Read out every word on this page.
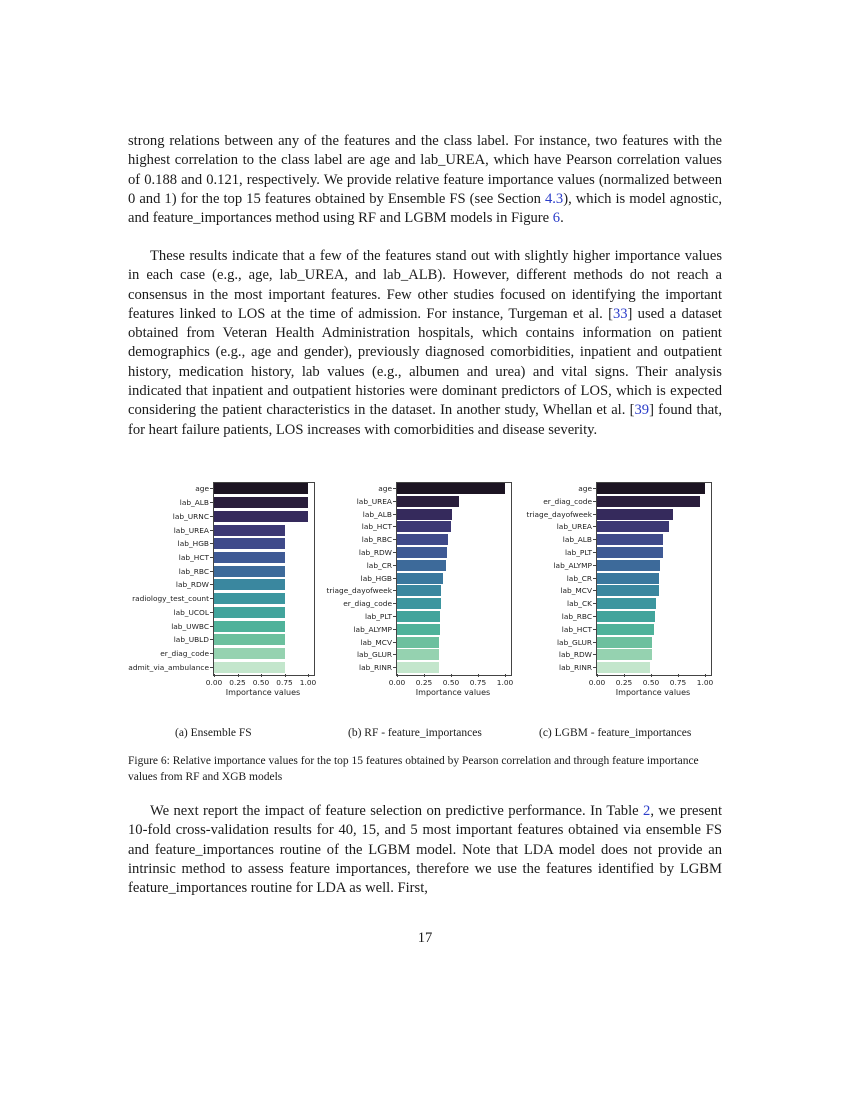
strong relations between any of the features and the class label. For instance, two features with the highest correlation to the class label are age and lab_UREA, which have Pearson correlation values of 0.188 and 0.121, respectively. We provide relative feature importance values (normalized between 0 and 1) for the top 15 features obtained by Ensemble FS (see Section 4.3), which is model agnostic, and feature_importances method using RF and LGBM models in Figure 6.

These results indicate that a few of the features stand out with slightly higher importance values in each case (e.g., age, lab_UREA, and lab_ALB). However, different methods do not reach a consensus in the most important features. Few other studies focused on identifying the important features linked to LOS at the time of admission. For instance, Turgeman et al. [33] used a dataset obtained from Veteran Health Administration hospitals, which contains information on patient demographics (e.g., age and gender), previously diagnosed comorbidities, inpatient and outpatient history, medication history, lab values (e.g., albumen and urea) and vital signs. Their analysis indicated that inpatient and outpatient histories were dominant predictors of LOS, which is expected considering the patient characteristics in the dataset. In another study, Whellan et al. [39] found that, for heart failure patients, LOS increases with comorbidities and disease severity.

age
lab_ALB
lab_URNC
lab_UREA
lab_HGB
lab_HCT
lab_RBC
lab_RDW
radiology_test_count
lab_UCOL
lab_UWBC
lab_UBLD
er_diag_code
admit_via_ambulance
0.00 0.25 0.50 0.75 1.00
Importance values
age
lab_UREA
lab_ALB
lab_HCT
lab_RBC
lab_RDW
lab_CR
lab_HGB
triage_dayofweek
er_diag_code
lab_PLT
lab_ALYMP
lab_MCV
lab_GLUR
lab_RINR
0.00 0.25 0.50 0.75 1.00
Importance values
age
er_diag_code
triage_dayofweek
lab_UREA
lab_ALB
lab_PLT
lab_ALYMP
lab_CR
lab_MCV
lab_CK
lab_RBC
lab_HCT
lab_GLUR
lab_RDW
lab_RINR
0.00 0.25 0.50 0.75 1.00
Importance values
(a) Ensemble FS	(b) RF - feature_importances	(c) LGBM - feature_importances
Figure 6: Relative importance values for the top 15 features obtained by Pearson correlation and through feature importance values from RF and XGB models

We next report the impact of feature selection on predictive performance. In Table 2, we present 10-fold cross-validation results for 40, 15, and 5 most important features obtained via ensemble FS and feature_importances routine of the LGBM model. Note that LDA model does not provide an intrinsic method to assess feature importances, therefore we use the features identified by LGBM feature_importances routine for LDA as well. First,

17
